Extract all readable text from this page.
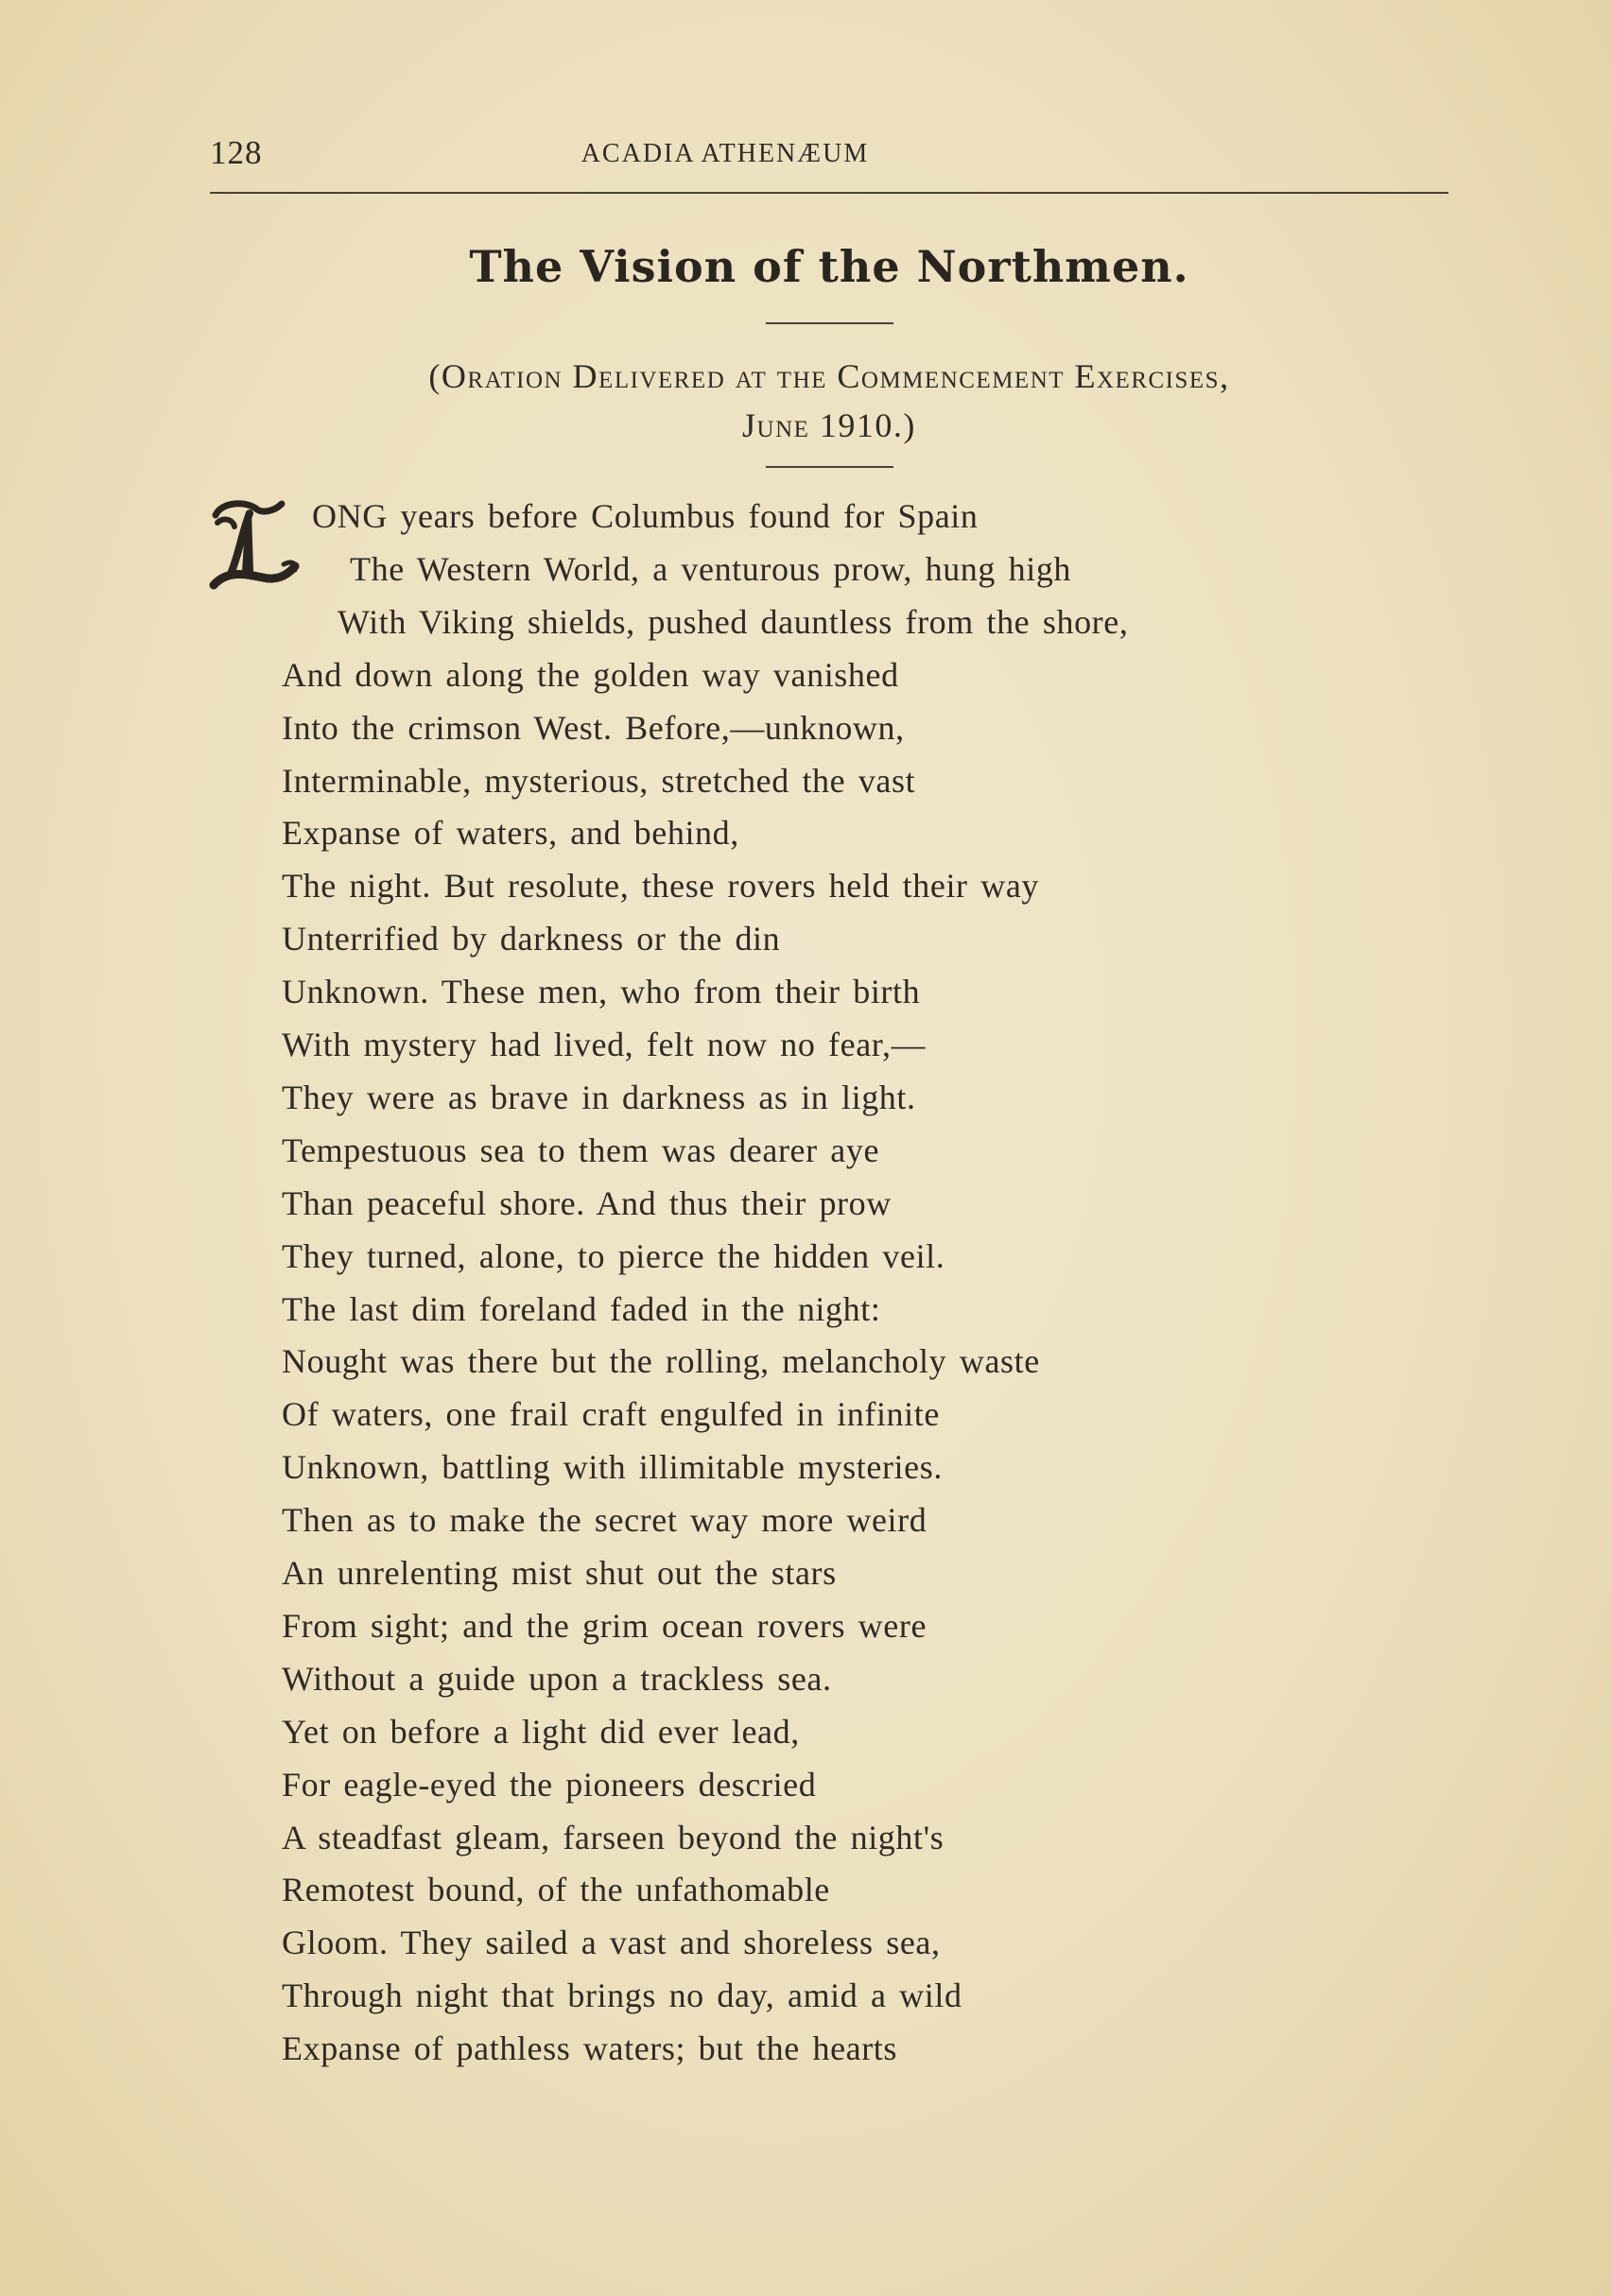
128	ACADIA ATHENÆUM
The Vision of the Northmen.
(Oration Delivered at the Commencement Exercises,
June 1910.)
L
ONG years before Columbus found for Spain
The Western World, a venturous prow, hung high
With Viking shields, pushed dauntless from the shore,
And down along the golden way vanished
Into the crimson West. Before,—unknown,
Interminable, mysterious, stretched the vast
Expanse of waters, and behind,
The night. But resolute, these rovers held their way
Unterrified by darkness or the din
Unknown. These men, who from their birth
With mystery had lived, felt now no fear,—
They were as brave in darkness as in light.
Tempestuous sea to them was dearer aye
Than peaceful shore. And thus their prow
They turned, alone, to pierce the hidden veil.
The last dim foreland faded in the night:
Nought was there but the rolling, melancholy waste
Of waters, one frail craft engulfed in infinite
Unknown, battling with illimitable mysteries.
Then as to make the secret way more weird
An unrelenting mist shut out the stars
From sight; and the grim ocean rovers were
Without a guide upon a trackless sea.
Yet on before a light did ever lead,
For eagle-eyed the pioneers descried
A steadfast gleam, farseen beyond the night's
Remotest bound, of the unfathomable
Gloom. They sailed a vast and shoreless sea,
Through night that brings no day, amid a wild
Expanse of pathless waters; but the hearts
